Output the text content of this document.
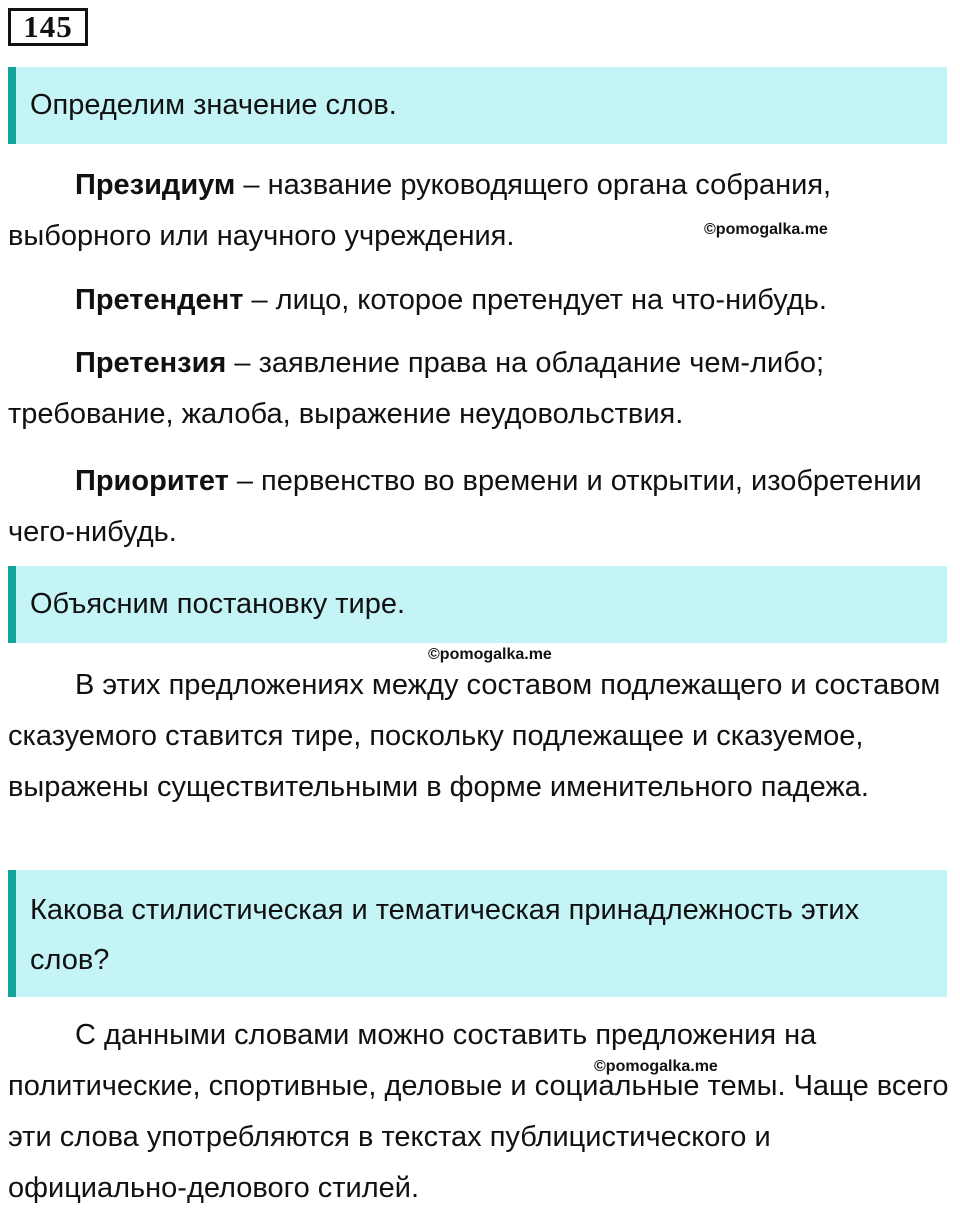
145
Определим значение слов.

Президиум – название руководящего органа собрания, выборного или научного учреждения.	©pomogalka.me

Претендент – лицо, которое претендует на что-нибудь.

Претензия – заявление права на обладание чем-либо; требование, жалоба, выражение неудовольствия.

Приоритет – первенство во времени и открытии, изобретении чего-нибудь.

Объясним постановку тире.
©pomogalka.me

В этих предложениях между составом подлежащего и составом сказуемого ставится тире, поскольку подлежащее и сказуемое, выражены существительными в форме именительного падежа.

Какова стилистическая и тематическая принадлежность этих слов?

С данными словами можно составить предложения на политические, спортивные, деловые и социальные темы. Чаще всего эти слова употребляются в текстах публицистического и официально-делового стилей.

©pomogalka.me
